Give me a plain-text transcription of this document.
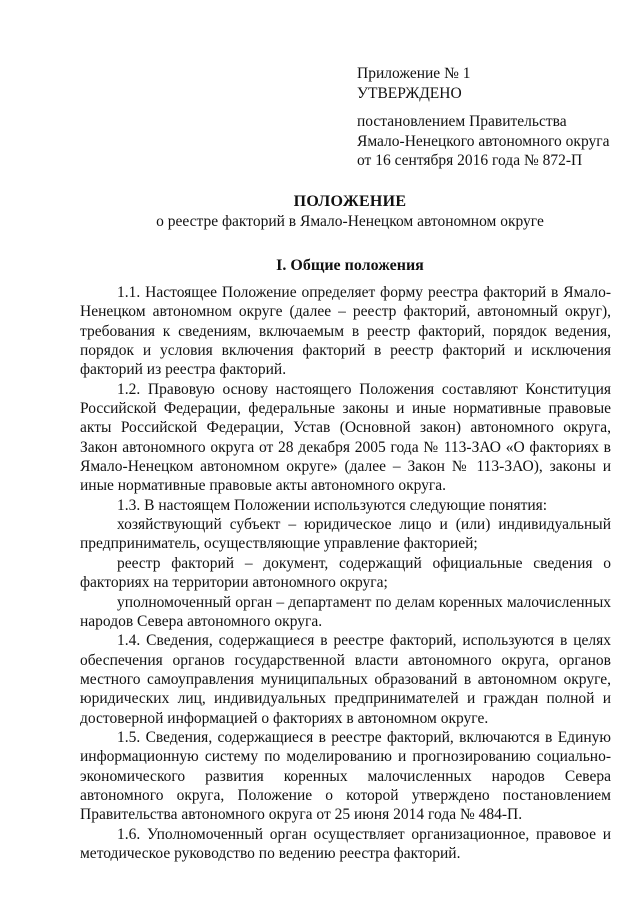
Приложение № 1
УТВЕРЖДЕНО
постановлением Правительства
Ямало-Ненецкого автономного округа
от 16 сентября 2016 года № 872-П
ПОЛОЖЕНИЕ
о реестре факторий в Ямало-Ненецком автономном округе
I. Общие положения

1.1. Настоящее Положение определяет форму реестра факторий в Ямало-Ненецком автономном округе (далее – реестр факторий, автономный округ), требования к сведениям, включаемым в реестр факторий, порядок ведения, порядок и условия включения факторий в реестр факторий и исключения факторий из реестра факторий.

1.2. Правовую основу настоящего Положения составляют Конституция Российской Федерации, федеральные законы и иные нормативные правовые акты Российской Федерации, Устав (Основной закон) автономного округа, Закон автономного округа от 28 декабря 2005 года № 113-ЗАО «О факториях в Ямало-Ненецком автономном округе» (далее – Закон № 113-ЗАО), законы и иные нормативные правовые акты автономного округа.

1.3. В настоящем Положении используются следующие понятия:

хозяйствующий субъект – юридическое лицо и (или) индивидуальный предприниматель, осуществляющие управление факторией;

реестр факторий – документ, содержащий официальные сведения о факториях на территории автономного округа;

уполномоченный орган – департамент по делам коренных малочисленных народов Севера автономного округа.

1.4. Сведения, содержащиеся в реестре факторий, используются в целях обеспечения органов государственной власти автономного округа, органов местного самоуправления муниципальных образований в автономном округе, юридических лиц, индивидуальных предпринимателей и граждан полной и достоверной информацией о факториях в автономном округе.

1.5. Сведения, содержащиеся в реестре факторий, включаются в Единую информационную систему по моделированию и прогнозированию социально-экономического развития коренных малочисленных народов Севера автономного округа, Положение о которой утверждено постановлением Правительства автономного округа от 25 июня 2014 года № 484-П.

1.6. Уполномоченный орган осуществляет организационное, правовое и методическое руководство по ведению реестра факторий.
